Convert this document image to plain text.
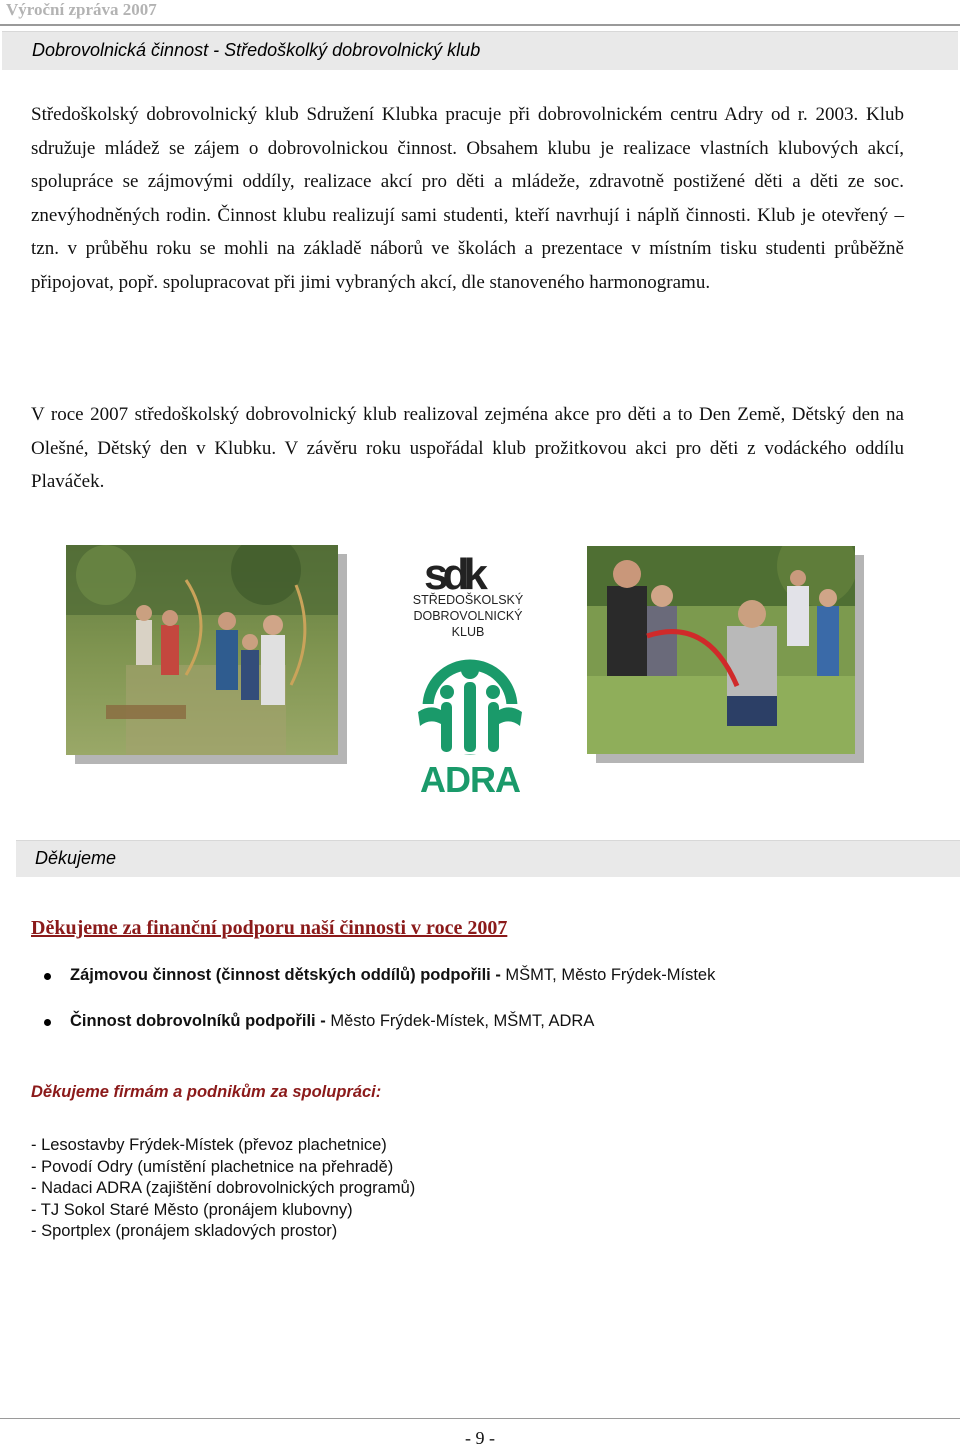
Výroční zpráva 2007
Dobrovolnická činnost - Středoškolký dobrovolnický klub
Středoškolský dobrovolnický klub Sdružení Klubka pracuje při dobrovolnickém centru Adry od r. 2003. Klub sdružuje mládež se zájem o dobrovolnickou činnost. Obsahem klubu je realizace vlastních klubových akcí, spolupráce se zájmovými oddíly, realizace akcí pro děti a mládeže, zdravotně postižené děti a děti ze soc. znevýhodněných rodin. Činnost klubu realizují sami studenti, kteří navrhují i náplň činnosti. Klub je otevřený – tzn. v průběhu roku se mohli na základě náborů ve školách a prezentace v místním tisku studenti průběžně připojovat, popř. spolupracovat při jimi vybraných akcí, dle stanoveného harmonogramu.
V roce 2007 středoškolský dobrovolnický klub realizoval zejména akce pro děti a to Den Země, Dětský den na Olešné, Dětský den v Klubku. V závěru roku uspořádal klub prožitkovou akci pro děti z vodáckého oddílu Plaváček.
sdk
STŘEDOŠKOLSKÝ
DOBROVOLNICKÝ
KLUB
ADRA
Děkujeme
Děkujeme za finanční podporu naší činnosti v roce 2007
Zájmovou činnost (činnost dětských oddílů) podpořili - MŠMT, Město Frýdek-Místek
Činnost dobrovolníků podpořili - Město Frýdek-Místek, MŠMT, ADRA
Děkujeme firmám a podnikům za spolupráci:
- Lesostavby Frýdek-Místek (převoz plachetnice)
- Povodí Odry (umístění plachetnice na přehradě)
- Nadaci ADRA (zajištění dobrovolnických programů)
- TJ Sokol Staré Město (pronájem klubovny)
- Sportplex (pronájem skladových prostor)
- 9 -
